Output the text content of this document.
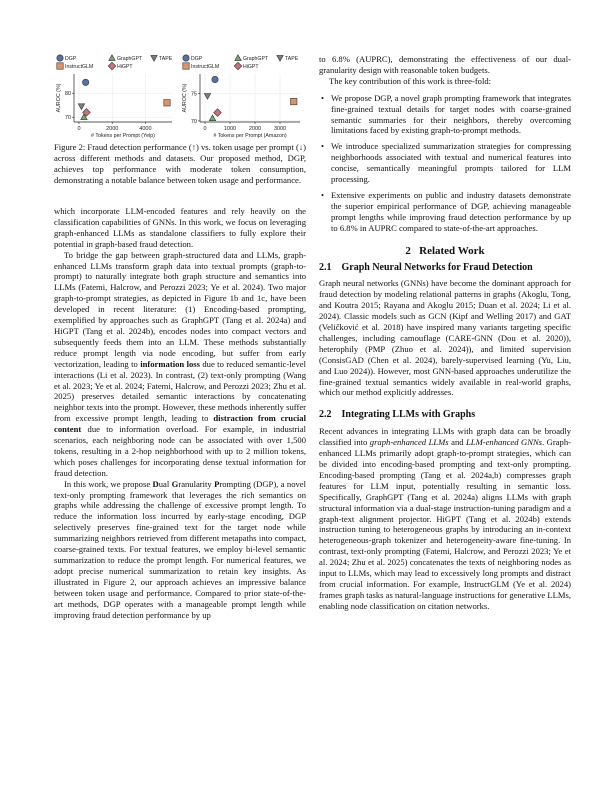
DGP	GraphGPT	TAPE
InstructGLM	HiGPT
0	2000	4000
70
80
# Tokens per Prompt (Yelp)
AUROC (%)
DGP	GraphGPT	TAPE
InstructGLM	HiGPT
0	1000 2000 3000
70
75
# Tokens per Prompt (Amazon)
AUROC (%)
Figure 2: Fraud detection performance (↑) vs. token usage per prompt (↓) across different methods and datasets. Our proposed method, DGP, achieves top performance with moderate token consumption, demonstrating a notable balance between token usage and performance.

which incorporate LLM-encoded features and rely heavily on the classification capabilities of GNNs. In this work, we focus on leveraging graph-enhanced LLMs as standalone classifiers to fully explore their potential in graph-based fraud detection.

To bridge the gap between graph-structured data and LLMs, graph-enhanced LLMs transform graph data into textual prompts (graph-to-prompt) to naturally integrate both graph structure and semantics into LLMs (Fatemi, Halcrow, and Perozzi 2023; Ye et al. 2024). Two major graph-to-prompt strategies, as depicted in Figure 1b and 1c, have been developed in recent literature: (1) Encoding-based prompting, exemplified by approaches such as GraphGPT (Tang et al. 2024a) and HiGPT (Tang et al. 2024b), encodes nodes into compact vectors and subsequently feeds them into an LLM. These methods substantially reduce prompt length via node encoding, but suffer from early vectorization, leading to information loss due to reduced semantic-level interactions (Li et al. 2023). In contrast, (2) text-only prompting (Wang et al. 2023; Ye et al. 2024; Fatemi, Halcrow, and Perozzi 2023; Zhu et al. 2025) preserves detailed semantic interactions by concatenating neighbor texts into the prompt. However, these methods inherently suffer from excessive prompt length, leading to distraction from crucial content due to information overload. For example, in industrial scenarios, each neighboring node can be associated with over 1,500 tokens, resulting in a 2-hop neighborhood with up to 2 million tokens, which poses challenges for incorporating dense textual information for fraud detection.

In this work, we propose Dual Granularity Prompting (DGP), a novel text-only prompting framework that leverages the rich semantics on graphs while addressing the challenge of excessive prompt length. To reduce the information loss incurred by early-stage encoding, DGP selectively preserves fine-grained text for the target node while summarizing neighbors retrieved from different metapaths into compact, coarse-grained texts. For textual features, we employ bi-level semantic summarization to reduce the prompt length. For numerical features, we adopt precise numerical summarization to retain key insights. As illustrated in Figure 2, our approach achieves an impressive balance between token usage and performance. Compared to prior state-of-the-art methods, DGP operates with a manageable prompt length while improving fraud detection performance by up

to 6.8% (AUPRC), demonstrating the effectiveness of our dual-granularity design with reasonable token budgets.

The key contribution of this work is three-fold:

• We propose DGP, a novel graph prompting framework that integrates fine-grained textual details for target nodes with coarse-grained semantic summaries for their neighbors, thereby overcoming limitations faced by existing graph-to-prompt methods.
• We introduce specialized summarization strategies for compressing neighborhoods associated with textual and numerical features into concise, semantically meaningful prompts tailored for LLM processing.
• Extensive experiments on public and industry datasets demonstrate the superior empirical performance of DGP, achieving manageable prompt lengths while improving fraud detection performance by up to 6.8% in AUPRC compared to state-of-the-art approaches.
2 Related Work
2.1 Graph Neural Networks for Fraud Detection

Graph neural networks (GNNs) have become the dominant approach for fraud detection by modeling relational patterns in graphs (Akoglu, Tong, and Koutra 2015; Rayana and Akoglu 2015; Duan et al. 2024; Li et al. 2024). Classic models such as GCN (Kipf and Welling 2017) and GAT (Veličković et al. 2018) have inspired many variants targeting specific challenges, including camouflage (CARE-GNN (Dou et al. 2020)), heterophily (PMP (Zhuo et al. 2024)), and limited supervision (ConsisGAD (Chen et al. 2024), barely-supervised learning (Yu, Liu, and Luo 2024)). However, most GNN-based approaches underutilize the fine-grained textual semantics widely available in real-world graphs, which our method explicitly addresses.

2.2 Integrating LLMs with Graphs

Recent advances in integrating LLMs with graph data can be broadly classified into graph-enhanced LLMs and LLM-enhanced GNNs. Graph-enhanced LLMs primarily adopt graph-to-prompt strategies, which can be divided into encoding-based prompting and text-only prompting. Encoding-based prompting (Tang et al. 2024a,b) compresses graph features for LLM input, potentially resulting in semantic loss. Specifically, GraphGPT (Tang et al. 2024a) aligns LLMs with graph structural information via a dual-stage instruction-tuning paradigm and a graph-text alignment projector. HiGPT (Tang et al. 2024b) extends instruction tuning to heterogeneous graphs by introducing an in-context heterogeneous-graph tokenizer and heterogeneity-aware fine-tuning. In contrast, text-only prompting (Fatemi, Halcrow, and Perozzi 2023; Ye et al. 2024; Zhu et al. 2025) concatenates the texts of neighboring nodes as input to LLMs, which may lead to excessively long prompts and distract from crucial information. For example, InstructGLM (Ye et al. 2024) frames graph tasks as natural-language instructions for generative LLMs, enabling node classification on citation networks.
